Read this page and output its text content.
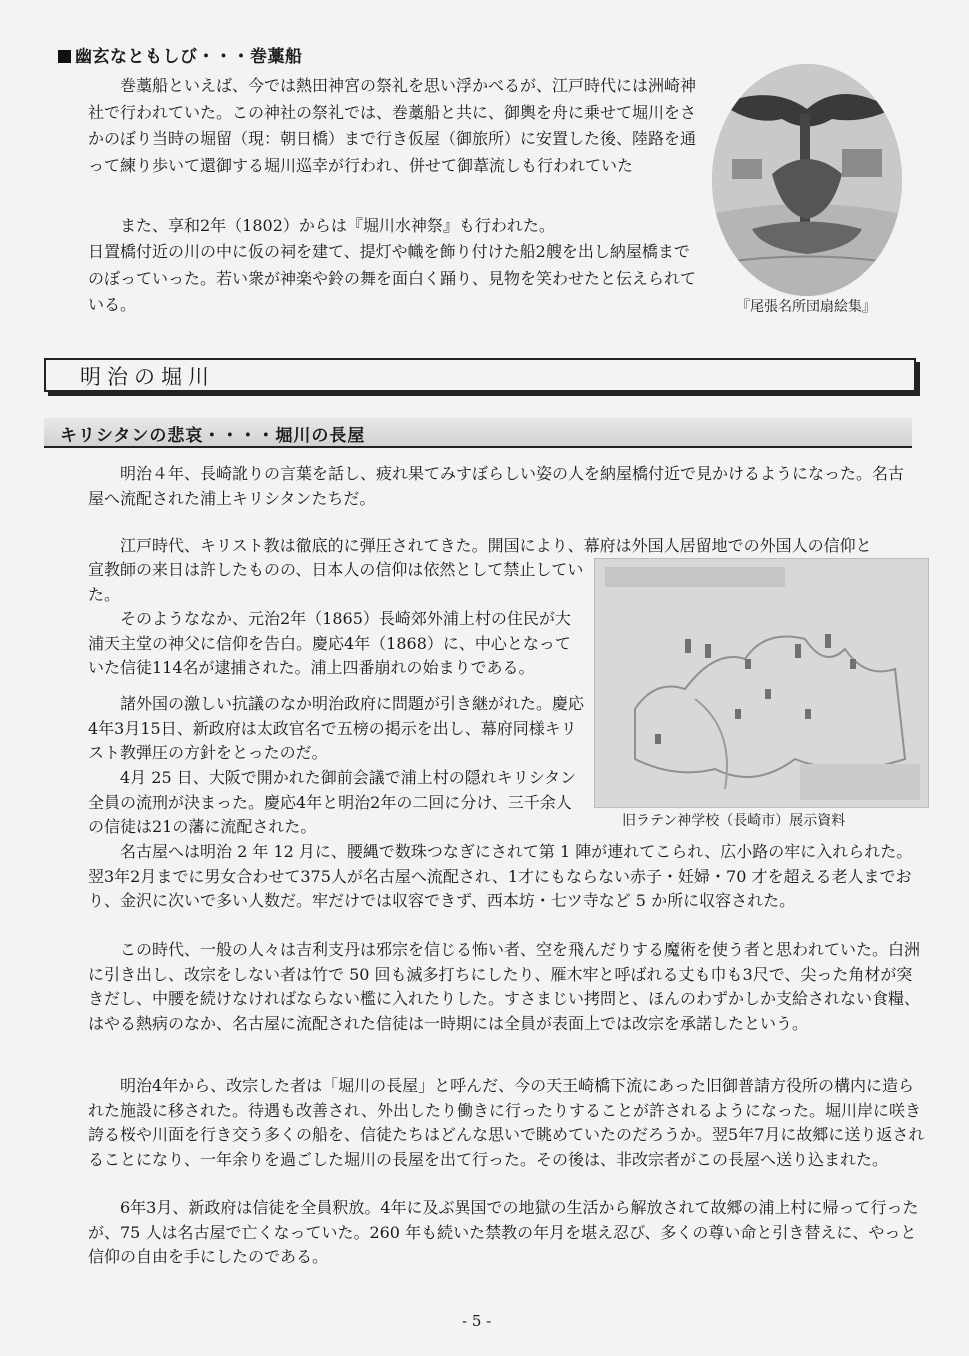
幽玄なともしび・・・巻藁船

巻藁船といえば、今では熱田神宮の祭礼を思い浮かべるが、江戸時代には洲崎神社で行われていた。この神社の祭礼では、巻藁船と共に、御輿を舟に乗せて堀川をさかのぼり当時の堀留（現：朝日橋）まで行き仮屋（御旅所）に安置した後、陸路を通って練り歩いて還御する堀川巡幸が行われ、併せて御葦流しも行われていた

また、享和2年（1802）からは『堀川水神祭』も行われた。

日置橋付近の川の中に仮の祠を建て、提灯や幟を飾り付けた船2艘を出し納屋橋までのぼっていった。若い衆が神楽や鈴の舞を面白く踊り、見物を笑わせたと伝えられている。	『尾張名所団扇絵集』
明治の堀川
キリシタンの悲哀・・・・堀川の長屋

明治４年、長崎訛りの言葉を話し、疲れ果てみすぼらしい姿の人を納屋橋付近で見かけるようになった。名古屋へ流配された浦上キリシタンたちだ。

江戸時代、キリスト教は徹底的に弾圧されてきた。開国により、幕府は外国人居留地での外国人の信仰と

宣教師の来日は許したものの、日本人の信仰は依然として禁止していた。

そのようななか、元治2年（1865）長崎郊外浦上村の住民が大浦天主堂の神父に信仰を告白。慶応4年（1868）に、中心となっていた信徒114名が逮捕された。浦上四番崩れの始まりである。

諸外国の激しい抗議のなか明治政府に問題が引き継がれた。慶応4年3月15日、新政府は太政官名で五榜の掲示を出し、幕府同様キリスト教弾圧の方針をとったのだ。

4月 25 日、大阪で開かれた御前会議で浦上村の隠れキリシタン全員の流刑が決まった。慶応4年と明治2年の二回に分け、三千余人の信徒は21の藩に流配された。	旧ラテン神学校（長崎市）展示資料

名古屋へは明治 2 年 12 月に、腰縄で数珠つなぎにされて第 1 陣が連れてこられ、広小路の牢に入れられた。翌3年2月までに男女合わせて375人が名古屋へ流配され、1才にもならない赤子・妊婦・70 才を超える老人までおり、金沢に次いで多い人数だ。牢だけでは収容できず、西本坊・七ツ寺など 5 か所に収容された。

この時代、一般の人々は吉利支丹は邪宗を信じる怖い者、空を飛んだりする魔術を使う者と思われていた。白洲に引き出し、改宗をしない者は竹で 50 回も滅多打ちにしたり、雁木牢と呼ばれる丈も巾も3尺で、尖った角材が突きだし、中腰を続けなければならない檻に入れたりした。すさまじい拷問と、ほんのわずかしか支給されない食糧、はやる熱病のなか、名古屋に流配された信徒は一時期には全員が表面上では改宗を承諾したという。

明治4年から、改宗した者は「堀川の長屋」と呼んだ、今の天王崎橋下流にあった旧御普請方役所の構内に造られた施設に移された。待遇も改善され、外出したり働きに行ったりすることが許されるようになった。堀川岸に咲き誇る桜や川面を行き交う多くの船を、信徒たちはどんな思いで眺めていたのだろうか。翌5年7月に故郷に送り返されることになり、一年余りを過ごした堀川の長屋を出て行った。その後は、非改宗者がこの長屋へ送り込まれた。

6年3月、新政府は信徒を全員釈放。4年に及ぶ異国での地獄の生活から解放されて故郷の浦上村に帰って行ったが、75 人は名古屋で亡くなっていた。260 年も続いた禁教の年月を堪え忍び、多くの尊い命と引き替えに、やっと信仰の自由を手にしたのである。

- 5 -
